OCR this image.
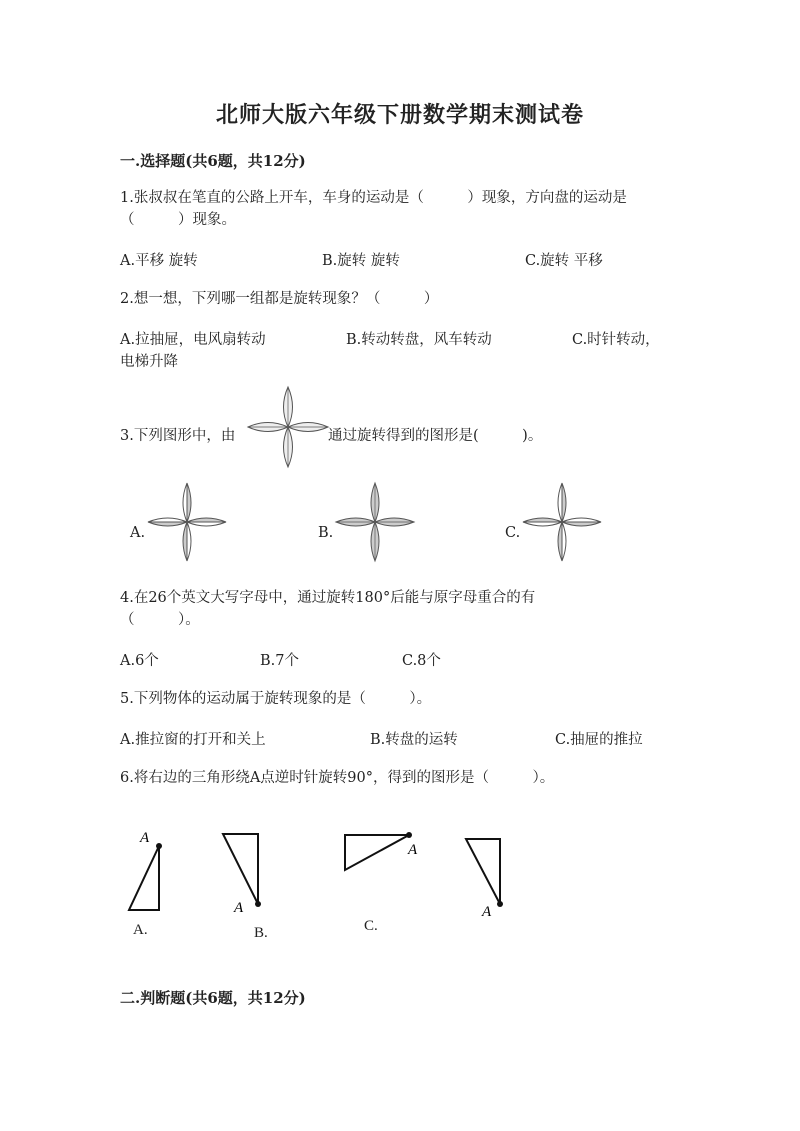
北师大版六年级下册数学期末测试卷
一.选择题(共6题，共12分)
1.张叔叔在笔直的公路上开车，车身的运动是（　　　）现象，方向盘的运动是
（　　　）现象。
A.平移 旋转	B.旋转 旋转	C.旋转 平移
2.想一想，下列哪一组都是旋转现象？（　　　）
A.拉抽屉，电风扇转动	B.转动转盘，风车转动	C.时针转动，
电梯升降
3.下列图形中，由	通过旋转得到的图形是(　　　)。
A.	B.	C.
4.在26个英文大写字母中，通过旋转180°后能与原字母重合的有
（　　　）。
A.6个	B.7个	C.8个
5.下列物体的运动属于旋转现象的是（　　　）。
A.推拉窗的打开和关上	B.转盘的运转	C.抽屉的推拉
6.将右边的三角形绕A点逆时针旋转90°，得到的图形是（　　　）。
A
A.
A
B.
A
C.
A
二.判断题(共6题，共12分)
